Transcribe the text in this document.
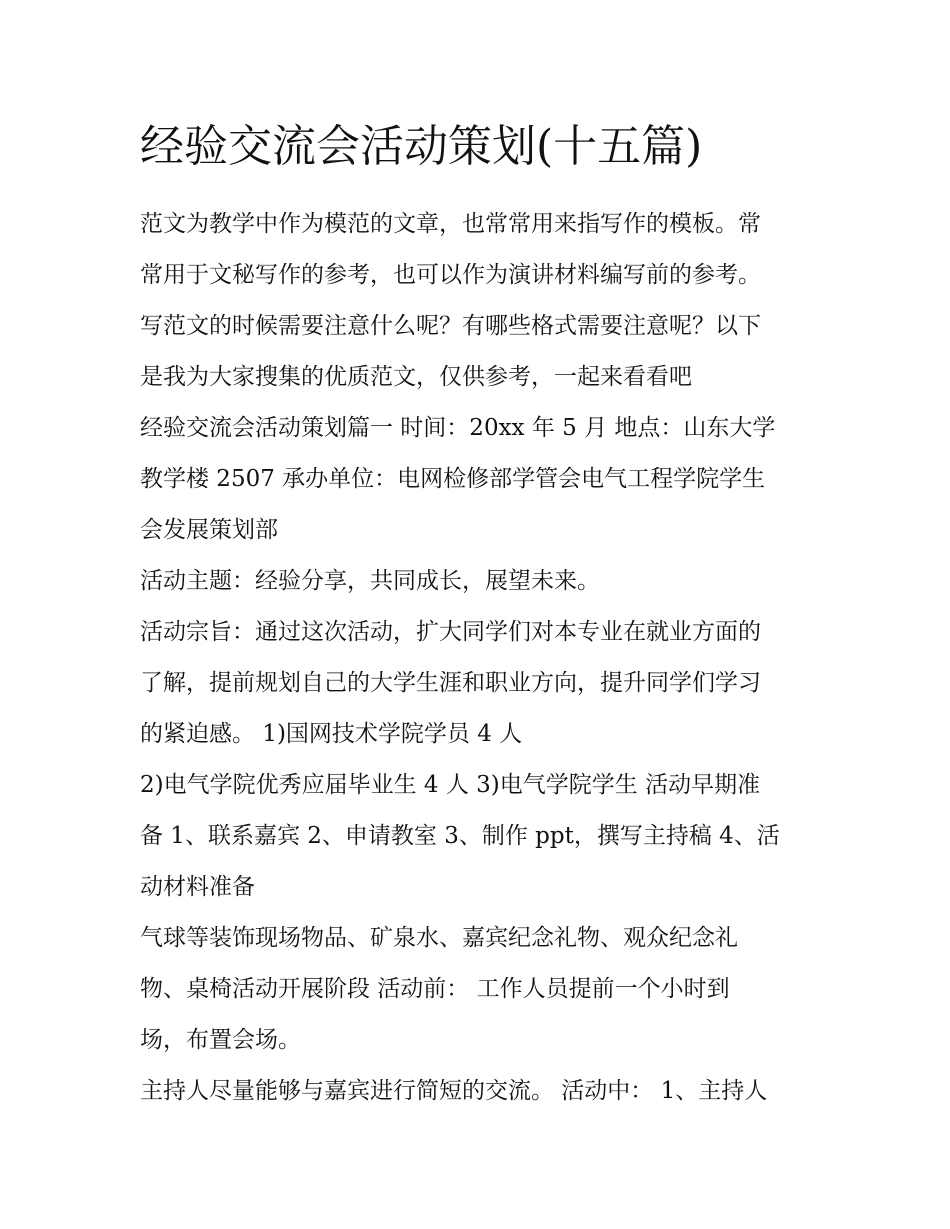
经验交流会活动策划(十五篇)

范文为教学中作为模范的文章，也常常用来指写作的模板。常

常用于文秘写作的参考，也可以作为演讲材料编写前的参考。

写范文的时候需要注意什么呢？有哪些格式需要注意呢？以下

是我为大家搜集的优质范文，仅供参考，一起来看看吧

经验交流会活动策划篇一 时间：20xx 年 5 月 地点：山东大学

教学楼 2507 承办单位：电网检修部学管会电气工程学院学生

会发展策划部

活动主题：经验分享，共同成长，展望未来。

活动宗旨：通过这次活动，扩大同学们对本专业在就业方面的

了解，提前规划自己的大学生涯和职业方向，提升同学们学习

的紧迫感。 1)国网技术学院学员 4 人

2)电气学院优秀应届毕业生 4 人 3)电气学院学生 活动早期准

备 1、联系嘉宾 2、申请教室 3、制作 ppt，撰写主持稿 4、活

动材料准备

气球等装饰现场物品、矿泉水、嘉宾纪念礼物、观众纪念礼

物、桌椅活动开展阶段 活动前： 工作人员提前一个小时到

场，布置会场。

主持人尽量能够与嘉宾进行简短的交流。 活动中： 1、主持人
